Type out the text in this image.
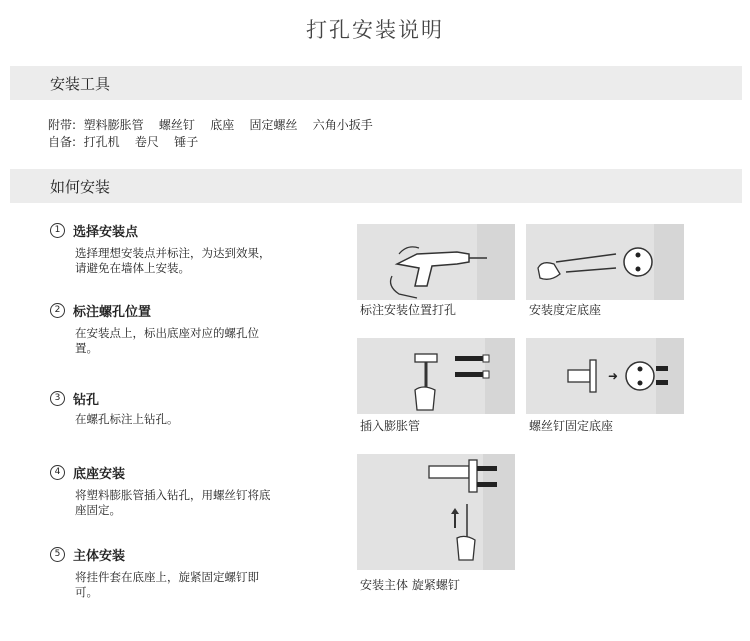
打孔安装说明
安装工具
附带:  塑料膨胀管    螺丝钉    底座    固定螺丝    六角小扳手
自备:  打孔机    卷尺    锤子
如何安装
1 选择安装点
选择理想安装点并标注，为达到效果，请避免在墙体上安装。
2 标注螺孔位置
在安装点上，标出底座对应的螺孔位置。
3 钻孔
在螺孔标注上钻孔。
4 底座安装
将塑料膨胀管插入钻孔，用螺丝钉将底座固定。
5 主体安装
将挂件套在底座上，旋紧固定螺钉即可。
标注安装位置打孔	安装度定底座
插入膨胀管
➜
螺丝钉固定底座
安装主体 旋紧螺钉
